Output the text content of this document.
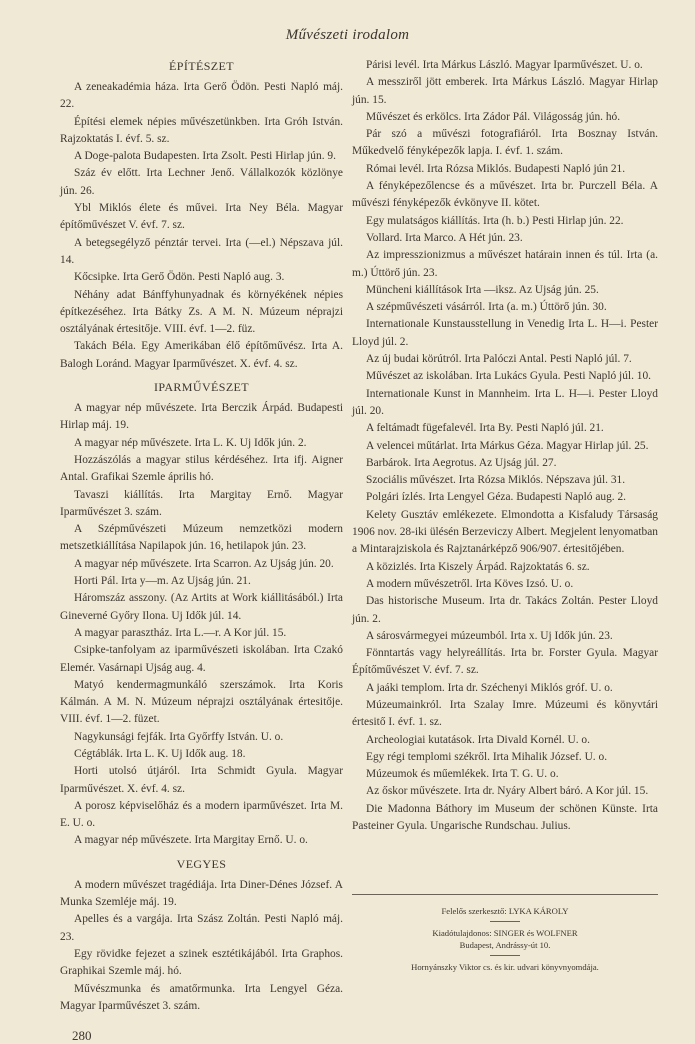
Művészeti irodalom
ÉPÍTÉSZET

A zeneakadémia háza. Irta Gerő Ödön. Pesti Napló máj. 22.

Építési elemek népies művészetünkben. Irta Gróh István. Rajzoktatás I. évf. 5. sz.

A Doge-palota Budapesten. Irta Zsolt. Pesti Hirlap jún. 9.

Száz év előtt. Irta Lechner Jenő. Vállalkozók közlönye jún. 26.

Ybl Miklós élete és művei. Irta Ney Béla. Magyar építőművészet V. évf. 7. sz.

A betegsegélyző pénztár tervei. Irta (—el.) Népszava júl. 14.

Kőcsipke. Irta Gerő Ödön. Pesti Napló aug. 3.

Néhány adat Bánffyhunyadnak és környékének népies építkezéséhez. Irta Bátky Zs. A M. N. Múzeum néprajzi osztályának értesitője. VIII. évf. 1—2. füz.

Takách Béla. Egy Amerikában élő építőművész. Irta A. Balogh Loránd. Magyar Iparművészet. X. évf. 4. sz.

IPARMŰVÉSZET

A magyar nép művészete. Irta Berczik Árpád. Budapesti Hirlap máj. 19.

A magyar nép művészete. Irta L. K. Uj Idők jún. 2.

Hozzászólás a magyar stilus kérdéséhez. Irta ifj. Aigner Antal. Grafikai Szemle április hó.

Tavaszi kiállítás. Irta Margitay Ernő. Magyar Iparművészet 3. szám.

A Szépművészeti Múzeum nemzetközi modern metszetkiállítása Napilapok jún. 16, hetilapok jún. 23.

A magyar nép művészete. Irta Scarron. Az Ujság jún. 20.

Horti Pál. Irta y—m. Az Ujság jún. 21.

Háromszáz asszony. (Az Artits at Work kiállitásából.) Irta Gineverné Győry Ilona. Uj Idők júl. 14.

A magyar parasztház. Irta L.—r. A Kor júl. 15.

Csipke-tanfolyam az iparművészeti iskolában. Irta Czakó Elemér. Vasárnapi Ujság aug. 4.

Matyó kendermagmunkáló szerszámok. Irta Koris Kálmán. A M. N. Múzeum néprajzi osztályának értesitője. VIII. évf. 1—2. füzet.

Nagykunsági fejfák. Irta Győrffy István. U. o.

Cégtáblák. Irta L. K. Uj Idők aug. 18.

Horti utolsó útjáról. Irta Schmidt Gyula. Magyar Iparművészet. X. évf. 4. sz.

A porosz képviselőház és a modern iparművészet. Irta M. E. U. o.

A magyar nép művészete. Irta Margitay Ernő. U. o.

VEGYES

A modern művészet tragédiája. Irta Diner-Dénes József. A Munka Szemléje máj. 19.

Apelles és a vargája. Irta Szász Zoltán. Pesti Napló máj. 23.

Egy rövidke fejezet a szinek esztétikájából. Irta Graphos. Graphikai Szemle máj. hó.

Művészmunka és amatőrmunka. Irta Lengyel Géza. Magyar Iparművészet 3. szám.

280

Párisi levél. Irta Márkus László. Magyar Iparművészet. U. o.

A messziről jött emberek. Irta Márkus László. Magyar Hirlap jún. 15.

Művészet és erkölcs. Irta Zádor Pál. Világosság jún. hó.

Pár szó a művészi fotografiáról. Irta Bosznay István. Műkedvelő fényképezők lapja. I. évf. 1. szám.

Római levél. Irta Rózsa Miklós. Budapesti Napló jún 21.

A fényképezőlencse és a művészet. Irta br. Purczell Béla. A művészi fényképezők évkönyve II. kötet.

Egy mulatságos kiállítás. Irta (h. b.) Pesti Hirlap jún. 22.

Vollard. Irta Marco. A Hét jún. 23.

Az impresszionizmus a művészet határain innen és túl. Irta (a. m.) Úttörő jún. 23.

Müncheni kiállítások Irta —iksz. Az Ujság jún. 25.

A szépművészeti vásárról. Irta (a. m.) Úttörő jún. 30.

Internationale Kunstausstellung in Venedig Irta L. H—i. Pester Lloyd júl. 2.

Az új budai körútról. Irta Palóczi Antal. Pesti Napló júl. 7.

Művészet az iskolában. Irta Lukács Gyula. Pesti Napló júl. 10.

Internationale Kunst in Mannheim. Irta L. H—i. Pester Lloyd júl. 20.

A feltámadt fügefalevél. Irta By. Pesti Napló júl. 21.

A velencei műtárlat. Irta Márkus Géza. Magyar Hirlap júl. 25.

Barbárok. Irta Aegrotus. Az Ujság júl. 27.

Szociális művészet. Irta Rózsa Miklós. Népszava júl. 31.

Polgári ízlés. Irta Lengyel Géza. Budapesti Napló aug. 2.

Kelety Gusztáv emlékezete. Elmondotta a Kisfaludy Társaság 1906 nov. 28-iki ülésén Berzeviczy Albert. Megjelent lenyomatban a Mintarajziskola és Rajztanárképző 906/907. értesitőjében.

A közizlés. Irta Kiszely Árpád. Rajzoktatás 6. sz.

A modern művészetről. Irta Köves Izsó. U. o.

Das historische Museum. Irta dr. Takács Zoltán. Pester Lloyd jún. 2.

A sárosvármegyei múzeumból. Irta x. Uj Idők jún. 23.

Fönntartás vagy helyreállítás. Irta br. Forster Gyula. Magyar Építőművészet V. évf. 7. sz.

A jaáki templom. Irta dr. Széchenyi Miklós gróf. U. o.

Múzeumainkról. Irta Szalay Imre. Múzeumi és könyvtári értesitő I. évf. 1. sz.

Archeologiai kutatások. Irta Divald Kornél. U. o.

Egy régi templomi székről. Irta Mihalik József. U. o.

Múzeumok és műemlékek. Irta T. G. U. o.

Az őskor művészete. Irta dr. Nyáry Albert báró. A Kor júl. 15.

Die Madonna Báthory im Museum der schönen Künste. Irta Pasteiner Gyula. Ungarische Rundschau. Julius.

Felelős szerkesztő: LYKA KÁROLY
Kiadótulajdonos: SINGER és WOLFNER
Budapest, Andrássy-út 10.
Hornyánszky Viktor cs. és kir. udvari könyvnyomdája.
